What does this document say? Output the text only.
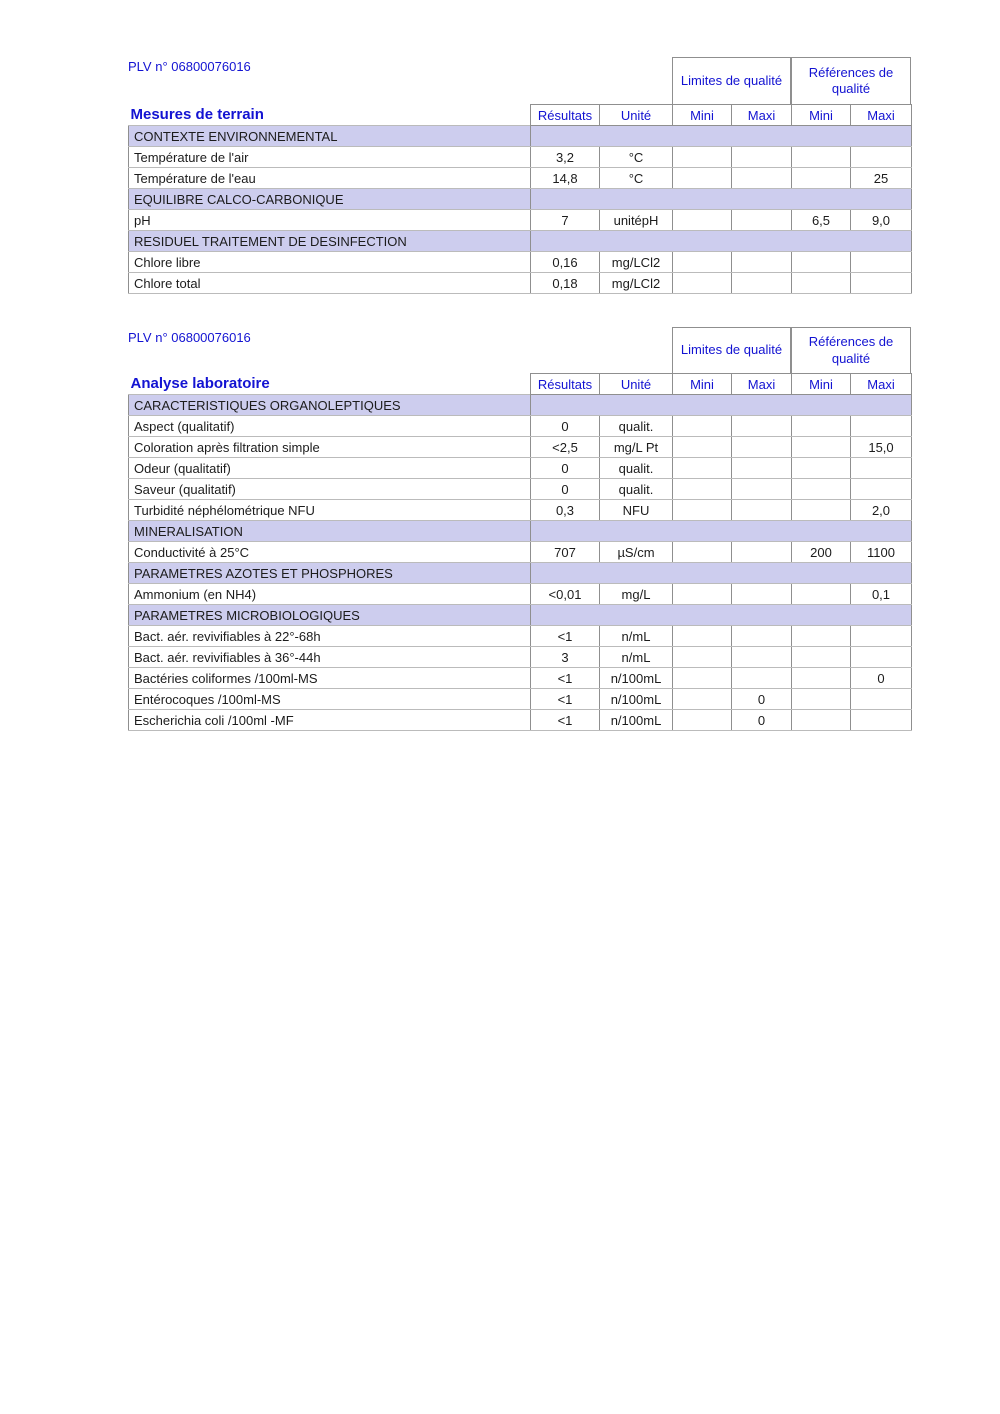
PLV n° 06800076016
Limites de qualité
Références de qualité
Mesures de terrain	Résultats	Unité	Mini	Maxi	Mini	Maxi
CONTEXTE ENVIRONNEMENTAL						
Température de l'air	3,2	°C				
Température de l'eau	14,8	°C				25
EQUILIBRE CALCO-CARBONIQUE						
pH	7	unitépH			6,5	9,0
RESIDUEL TRAITEMENT DE DESINFECTION						
Chlore libre	0,16	mg/LCl2				
Chlore total	0,18	mg/LCl2				
PLV n° 06800076016
Limites de qualité
Références de qualité
Analyse laboratoire	Résultats	Unité	Mini	Maxi	Mini	Maxi
CARACTERISTIQUES ORGANOLEPTIQUES						
Aspect (qualitatif)	0	qualit.				
Coloration après filtration simple	<2,5	mg/L Pt				15,0
Odeur (qualitatif)	0	qualit.				
Saveur (qualitatif)	0	qualit.				
Turbidité néphélométrique NFU	0,3	NFU				2,0
MINERALISATION						
Conductivité à 25°C	707	µS/cm			200	1100
PARAMETRES AZOTES ET PHOSPHORES						
Ammonium (en NH4)	<0,01	mg/L				0,1
PARAMETRES MICROBIOLOGIQUES						
Bact. aér. revivifiables à 22°-68h	<1	n/mL				
Bact. aér. revivifiables à 36°-44h	3	n/mL				
Bactéries coliformes /100ml-MS	<1	n/100mL				0
Entérocoques /100ml-MS	<1	n/100mL		0		
Escherichia coli /100ml -MF	<1	n/100mL		0		
